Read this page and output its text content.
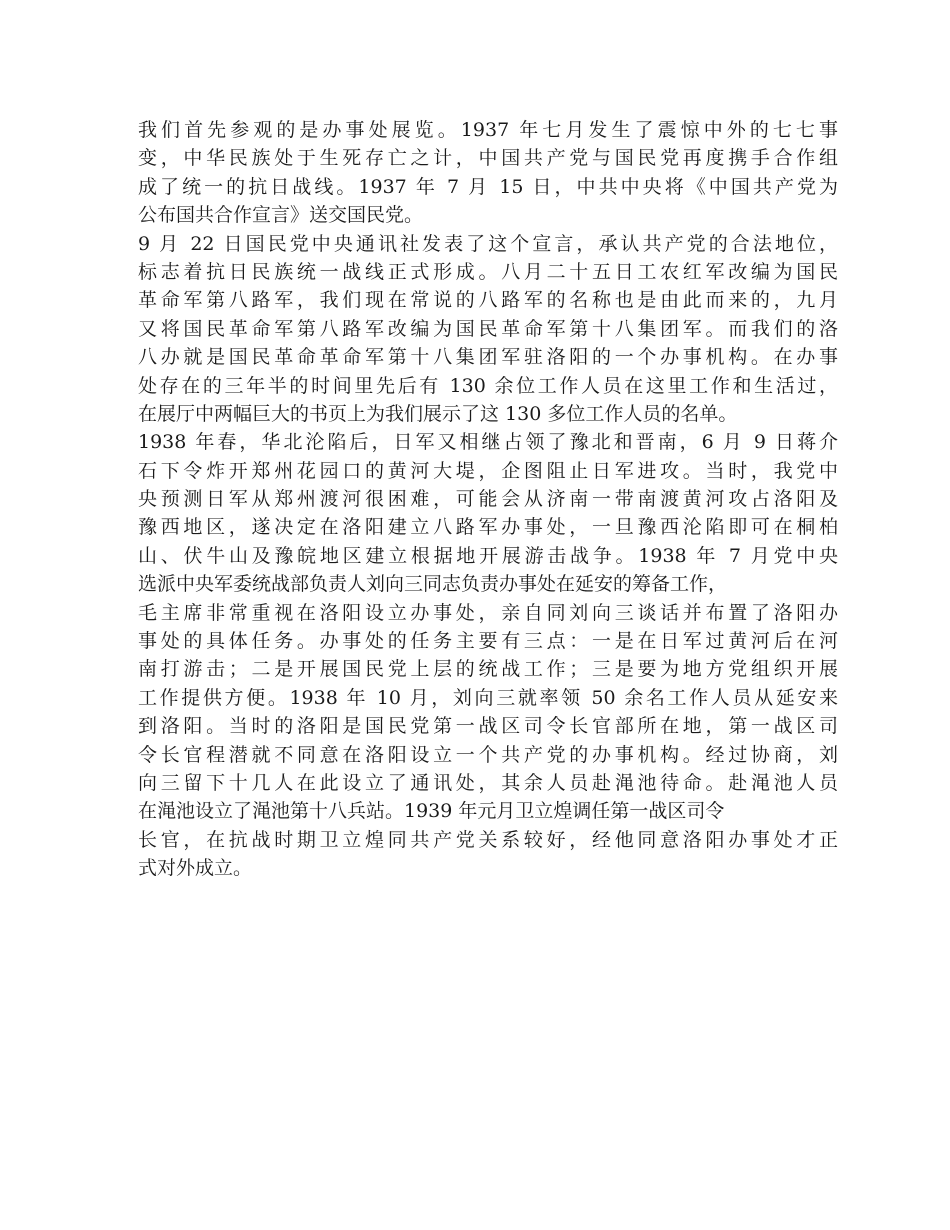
我们首先参观的是办事处展览。1937 年七月发生了震惊中外的七七事
变，中华民族处于生死存亡之计，中国共产党与国民党再度携手合作组
成了统一的抗日战线。1937 年 7 月 15 日，中共中央将《中国共产党为
公布国共合作宣言》送交国民党。
9 月 22 日国民党中央通讯社发表了这个宣言，承认共产党的合法地位，
标志着抗日民族统一战线正式形成。八月二十五日工农红军改编为国民
革命军第八路军，我们现在常说的八路军的名称也是由此而来的，九月
又将国民革命军第八路军改编为国民革命军第十八集团军。而我们的洛
八办就是国民革命革命军第十八集团军驻洛阳的一个办事机构。在办事
处存在的三年半的时间里先后有 130 余位工作人员在这里工作和生活过，
在展厅中两幅巨大的书页上为我们展示了这 130 多位工作人员的名单。
1938 年春，华北沦陷后，日军又相继占领了豫北和晋南，6 月 9 日蒋介
石下令炸开郑州花园口的黄河大堤，企图阻止日军进攻。当时，我党中
央预测日军从郑州渡河很困难，可能会从济南一带南渡黄河攻占洛阳及
豫西地区，遂决定在洛阳建立八路军办事处，一旦豫西沦陷即可在桐柏
山、伏牛山及豫皖地区建立根据地开展游击战争。1938 年 7 月党中央
选派中央军委统战部负责人刘向三同志负责办事处在延安的筹备工作，
毛主席非常重视在洛阳设立办事处，亲自同刘向三谈话并布置了洛阳办
事处的具体任务。办事处的任务主要有三点：一是在日军过黄河后在河
南打游击；二是开展国民党上层的统战工作；三是要为地方党组织开展
工作提供方便。1938 年 10 月，刘向三就率领 50 余名工作人员从延安来
到洛阳。当时的洛阳是国民党第一战区司令长官部所在地，第一战区司
令长官程潜就不同意在洛阳设立一个共产党的办事机构。经过协商，刘
向三留下十几人在此设立了通讯处，其余人员赴渑池待命。赴渑池人员
在渑池设立了渑池第十八兵站。1939 年元月卫立煌调任第一战区司令
长官，在抗战时期卫立煌同共产党关系较好，经他同意洛阳办事处才正
式对外成立。
